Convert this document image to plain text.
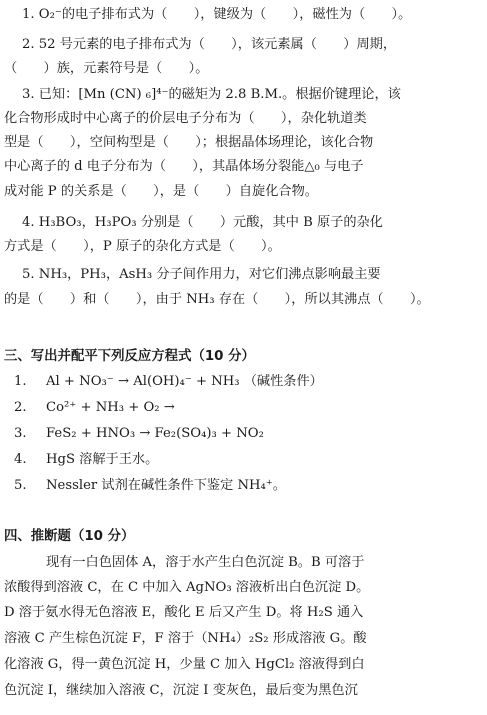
1. O₂⁻的电子排布式为（　　），键级为（　　），磁性为（　　）。
2. 52 号元素的电子排布式为（　　），该元素属（　　）周期，
（　　）族，元素符号是（　　）。
3. 已知：[Mn (CN) ₆]⁴⁻的磁矩为 2.8 B.M.。根据价键理论，该
化合物形成时中心离子的价层电子分布为（　　），杂化轨道类
型是（　　），空间构型是（　　）；根据晶体场理论，该化合物
中心离子的 d 电子分布为（　　），其晶体场分裂能△₀ 与电子
成对能 P 的关系是（　　），是（　　）自旋化合物。
4. H₃BO₃，H₃PO₃ 分别是（　　）元酸，其中 B 原子的杂化
方式是（　　），P 原子的杂化方式是（　　）。
5. NH₃，PH₃，AsH₃ 分子间作用力，对它们沸点影响最主要
的是（　　）和（　　），由于 NH₃ 存在（　　），所以其沸点（　　）。
三、写出并配平下列反应方程式（10 分）
1. Al + NO₃⁻ → Al(OH)₄⁻ + NH₃ （碱性条件）
2. Co²⁺ + NH₃ + O₂ →
3. FeS₂ + HNO₃ → Fe₂(SO₄)₃ + NO₂
4. HgS 溶解于王水。
5. Nessler 试剂在碱性条件下鉴定 NH₄⁺。
四、推断题（10 分）
现有一白色固体 A，溶于水产生白色沉淀 B。B 可溶于
浓酸得到溶液 C，在 C 中加入 AgNO₃ 溶液析出白色沉淀 D。
D 溶于氨水得无色溶液 E，酸化 E 后又产生 D。将 H₂S 通入
溶液 C 产生棕色沉淀 F，F 溶于（NH₄）₂S₂ 形成溶液 G。酸
化溶液 G，得一黄色沉淀 H，少量 C 加入 HgCl₂ 溶液得到白
色沉淀 I，继续加入溶液 C，沉淀 I 变灰色，最后变为黑色沉
